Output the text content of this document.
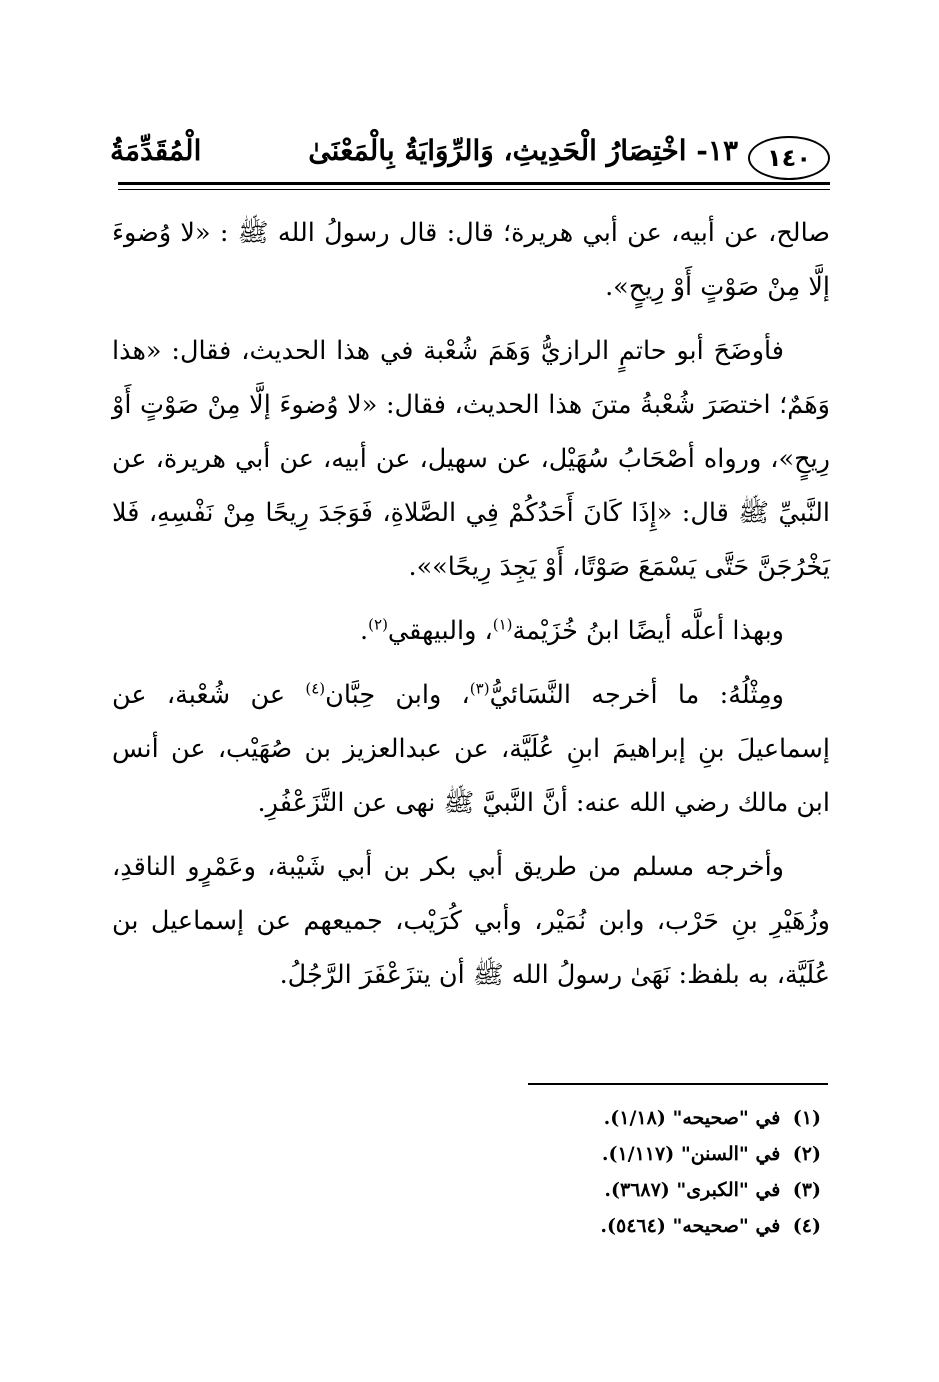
١٤٠
١٣- اخْتِصَارُ الْحَدِيثِ، وَالرِّوَايَةُ بِالْمَعْنَىٰ
الْمُقَدِّمَةُ

صالح، عن أبيه، عن أبي هريرة؛ قال: قال رسولُ الله ﷺ : «لا وُضوءَ إلَّا مِنْ صَوْتٍ أَوْ رِيحٍ».

فأوضَحَ أبو حاتمٍ الرازيُّ وَهَمَ شُعْبة في هذا الحديث، فقال: «هذا وَهَمٌ؛ اختصَرَ شُعْبةُ متنَ هذا الحديث، فقال: «لا وُضوءَ إلَّا مِنْ صَوْتٍ أَوْ رِيحٍ»، ورواه أصْحَابُ سُهَيْل، عن سهيل، عن أبيه، عن أبي هريرة، عن النَّبيِّ ﷺ قال: «إِذَا كَانَ أَحَدُكُمْ فِي الصَّلاةِ، فَوَجَدَ رِيحًا مِنْ نَفْسِهِ، فَلا يَخْرُجَنَّ حَتَّى يَسْمَعَ صَوْتًا، أَوْ يَجِدَ رِيحًا»».

وبهذا أعلَّه أيضًا ابنُ خُزَيْمة$^{(١)}$، والبيهقي$^{(٢)}$.

ومِثْلُهُ: ما أخرجه النَّسَائيُّ$^{(٣)}$، وابن حِبَّان$^{(٤)}$ عن شُعْبة، عن إسماعيلَ بنِ إبراهيمَ ابنِ عُلَيَّة، عن عبدالعزيز بن صُهَيْب، عن أنس ابن مالك رضي الله عنه: أنَّ النَّبيَّ ﷺ نهى عن التَّزَعْفُرِ.

وأخرجه مسلم من طريق أبي بكر بن أبي شَيْبة، وعَمْرٍو الناقدِ، وزُهَيْرِ بنِ حَرْب، وابن نُمَيْر، وأبي كُرَيْب، جميعهم عن إسماعيل بن عُلَيَّة، به بلفظ: نَهَىٰ رسولُ الله ﷺ أن يتزَعْفَرَ الرَّجُلُ.

(١) في "صحيحه" (١/١٨).
(٢) في "السنن" (١/١١٧).
(٣) في "الكبرى" (٣٦٨٧).
(٤) في "صحيحه" (٥٤٦٤).
